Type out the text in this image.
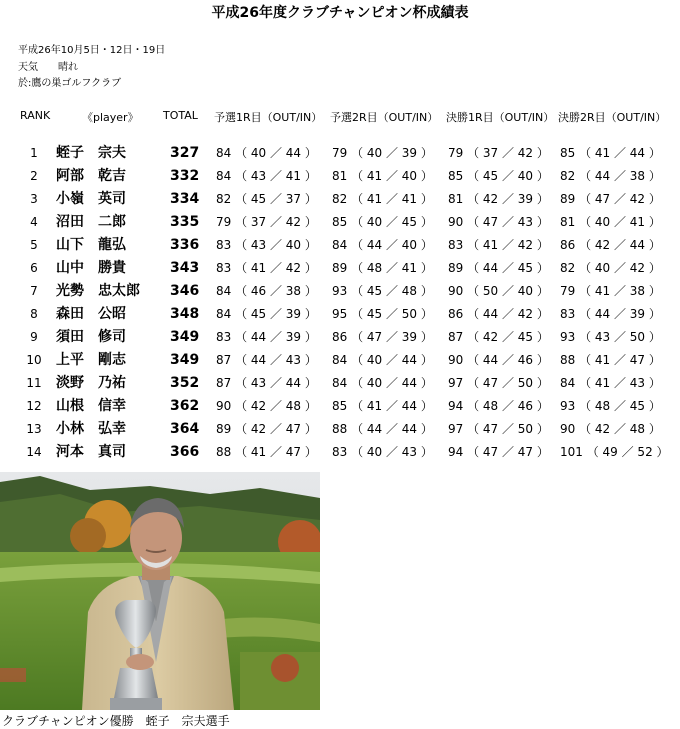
平成26年度クラブチャンピオン杯成績表
平成26年10月5日・12日・19日
天気　　晴れ
於:鷹の巣ゴルフクラブ
RANK	《player》 TOTAL 予選1R目（OUT/IN） 予選2R目（OUT/IN） 決勝1R目（OUT/IN） 決勝2R目（OUT/IN）
1 蛭子　宗夫	327 84 （ 40 ／ 44 ） 79 （ 40 ／ 39 ） 79 （ 37 ／ 42 ） 85 （ 41 ／ 44 ）
2 阿部　乾吉	332 84 （ 43 ／ 41 ） 81 （ 41 ／ 40 ） 85 （ 45 ／ 40 ） 82 （ 44 ／ 38 ）
3 小嶺　英司	334 82 （ 45 ／ 37 ） 82 （ 41 ／ 41 ） 81 （ 42 ／ 39 ） 89 （ 47 ／ 42 ）
4 沼田　二郎	335 79 （ 37 ／ 42 ） 85 （ 40 ／ 45 ） 90 （ 47 ／ 43 ） 81 （ 40 ／ 41 ）
5 山下　龍弘	336 83 （ 43 ／ 40 ） 84 （ 44 ／ 40 ） 83 （ 41 ／ 42 ） 86 （ 42 ／ 44 ）
6 山中　勝貴	343 83 （ 41 ／ 42 ） 89 （ 48 ／ 41 ） 89 （ 44 ／ 45 ） 82 （ 40 ／ 42 ）
7 光勢　忠太郎 346 84 （ 46 ／ 38 ） 93 （ 45 ／ 48 ） 90 （ 50 ／ 40 ） 79 （ 41 ／ 38 ）
8 森田　公昭	348 84 （ 45 ／ 39 ） 95 （ 45 ／ 50 ） 86 （ 44 ／ 42 ） 83 （ 44 ／ 39 ）
9 須田　修司	349 83 （ 44 ／ 39 ） 86 （ 47 ／ 39 ） 87 （ 42 ／ 45 ） 93 （ 43 ／ 50 ）
10 上平　剛志	349 87 （ 44 ／ 43 ） 84 （ 40 ／ 44 ） 90 （ 44 ／ 46 ） 88 （ 41 ／ 47 ）
11 淡野　乃祐	352 87 （ 43 ／ 44 ） 84 （ 40 ／ 44 ） 97 （ 47 ／ 50 ） 84 （ 41 ／ 43 ）
12 山根　信幸	362 90 （ 42 ／ 48 ） 85 （ 41 ／ 44 ） 94 （ 48 ／ 46 ） 93 （ 48 ／ 45 ）
13 小林　弘幸	364 89 （ 42 ／ 47 ） 88 （ 44 ／ 44 ） 97 （ 47 ／ 50 ） 90 （ 42 ／ 48 ）
14 河本　真司	366 88 （ 41 ／ 47 ） 83 （ 40 ／ 43 ） 94 （ 47 ／ 47 ） 101 （ 49 ／ 52 ）
クラブチャンピオン優勝　蛭子　宗夫選手
